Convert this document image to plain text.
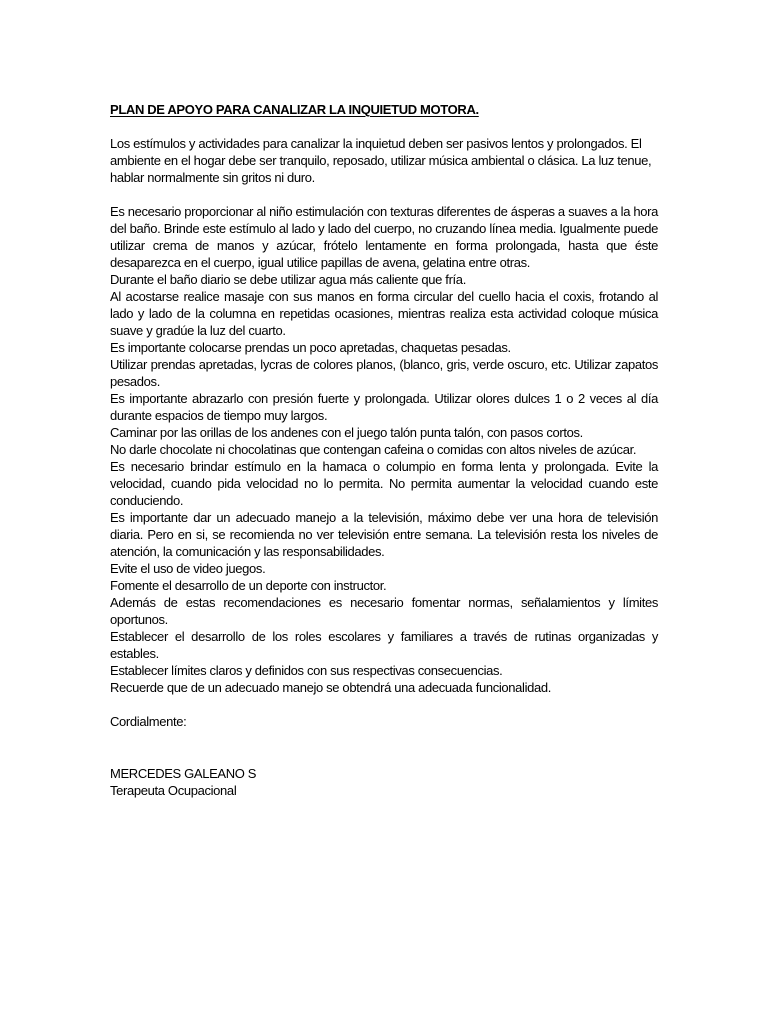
PLAN DE APOYO PARA CANALIZAR LA INQUIETUD MOTORA.

Los estímulos y actividades para canalizar la inquietud deben ser pasivos lentos y prolongados. El ambiente en el hogar debe ser tranquilo, reposado, utilizar música ambiental o clásica. La luz tenue, hablar normalmente sin gritos ni duro.

Es necesario proporcionar al niño estimulación con texturas diferentes de ásperas a suaves a la hora del baño. Brinde este estímulo al lado y lado del cuerpo, no cruzando línea media. Igualmente puede utilizar crema de manos y azúcar, frótelo lentamente en forma prolongada, hasta que éste desaparezca en el cuerpo, igual utilice papillas de avena, gelatina entre otras.

Durante el baño diario se debe utilizar agua más caliente que fría.

Al acostarse realice masaje con sus manos en forma circular del cuello hacia el coxis, frotando al lado y lado de la columna en repetidas ocasiones, mientras realiza esta actividad coloque música suave y gradúe la luz del cuarto.

Es importante colocarse prendas un poco apretadas, chaquetas pesadas.

Utilizar prendas apretadas, lycras de colores planos, (blanco, gris, verde oscuro, etc. Utilizar zapatos pesados.

Es importante abrazarlo con presión fuerte y prolongada. Utilizar olores dulces 1 o 2 veces al día durante espacios de tiempo muy largos.

Caminar por las orillas de los andenes con el juego talón punta talón, con pasos cortos.

No darle chocolate ni chocolatinas que contengan cafeina o comidas con altos niveles de azúcar.

Es necesario brindar estímulo en la hamaca o columpio en forma lenta y prolongada. Evite la velocidad, cuando pida velocidad no lo permita. No permita aumentar la velocidad cuando este conduciendo.

Es importante dar un adecuado manejo a la televisión, máximo debe ver una hora de televisión diaria. Pero en si, se recomienda no ver televisión entre semana. La televisión resta los niveles de atención, la comunicación y las responsabilidades.

Evite el uso de video juegos.

Fomente el desarrollo de un deporte con instructor.

Además de estas recomendaciones es necesario fomentar normas, señalamientos y límites oportunos.

Establecer el desarrollo de los roles escolares y familiares a través de rutinas organizadas y estables.

Establecer límites claros y definidos con sus respectivas consecuencias.

Recuerde que de un adecuado manejo se obtendrá una adecuada funcionalidad.

Cordialmente:

MERCEDES GALEANO S

Terapeuta Ocupacional
